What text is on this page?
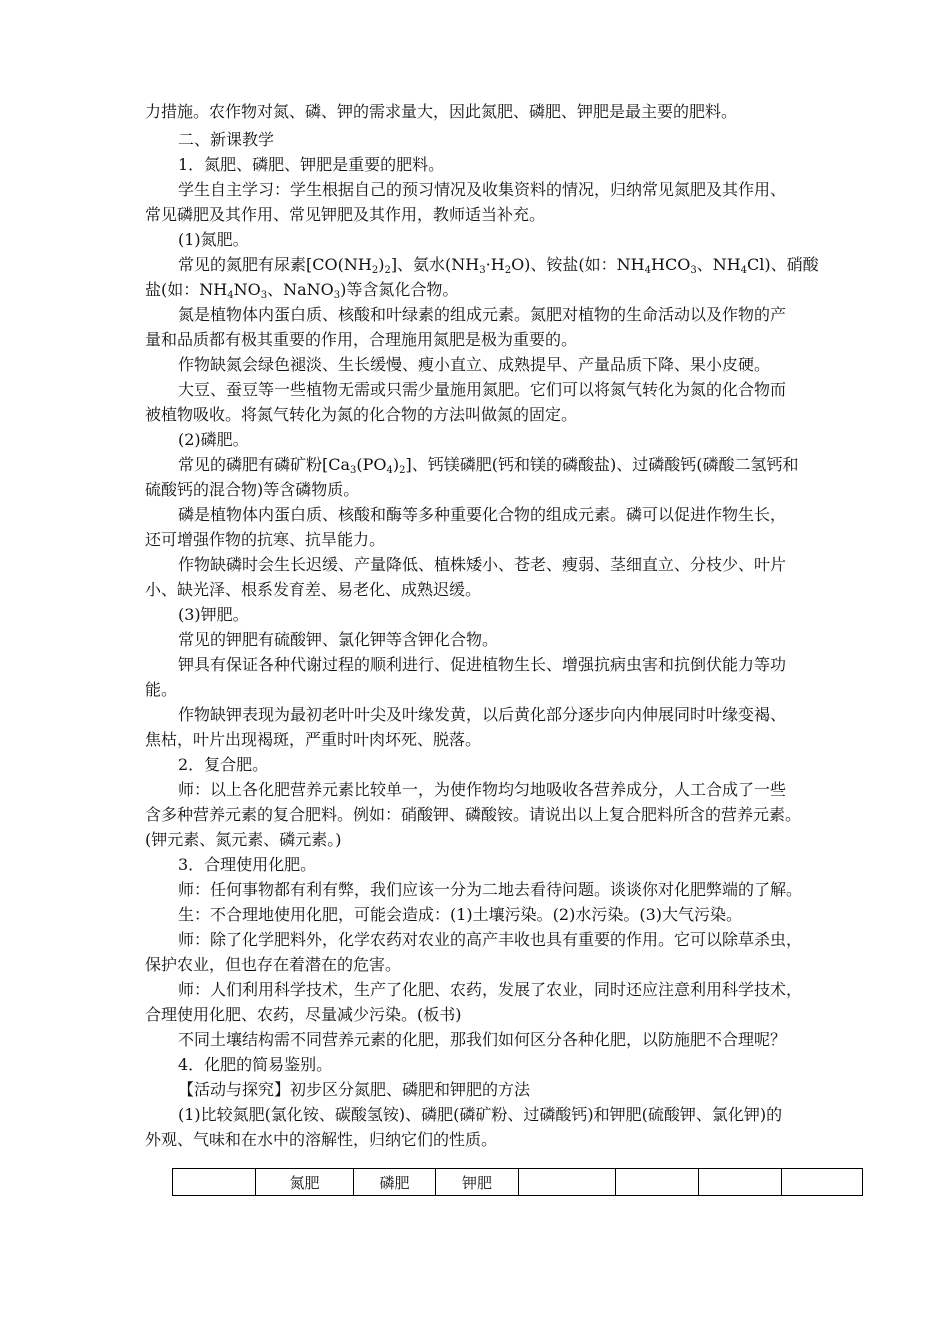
力措施。农作物对氮、磷、钾的需求量大，因此氮肥、磷肥、钾肥是最主要的肥料。
二、新课教学
1．氮肥、磷肥、钾肥是重要的肥料。
学生自主学习：学生根据自己的预习情况及收集资料的情况，归纳常见氮肥及其作用、
常见磷肥及其作用、常见钾肥及其作用，教师适当补充。
(1)氮肥。
常见的氮肥有尿素$[CO(NH_2)_2]$、氨水$(NH_3\cdot H_2O)$、铵盐(如：$NH_4HCO_3$、$NH_4Cl$)、硝酸
盐(如：$NH_4NO_3$、NaNO$_3$)等含氮化合物。
氮是植物体内蛋白质、核酸和叶绿素的组成元素。氮肥对植物的生命活动以及作物的产
量和品质都有极其重要的作用，合理施用氮肥是极为重要的。
作物缺氮会绿色褪淡、生长缓慢、瘦小直立、成熟提早、产量品质下降、果小皮硬。
大豆、蚕豆等一些植物无需或只需少量施用氮肥。它们可以将氮气转化为氮的化合物而
被植物吸收。将氮气转化为氮的化合物的方法叫做氮的固定。
(2)磷肥。
常见的磷肥有磷矿粉$[Ca_3(PO_4)_2]$、钙镁磷肥(钙和镁的磷酸盐)、过磷酸钙(磷酸二氢钙和
硫酸钙的混合物)等含磷物质。
磷是植物体内蛋白质、核酸和酶等多种重要化合物的组成元素。磷可以促进作物生长，
还可增强作物的抗寒、抗旱能力。
作物缺磷时会生长迟缓、产量降低、植株矮小、苍老、瘦弱、茎细直立、分枝少、叶片
小、缺光泽、根系发育差、易老化、成熟迟缓。
(3)钾肥。
常见的钾肥有硫酸钾、氯化钾等含钾化合物。
钾具有保证各种代谢过程的顺利进行、促进植物生长、增强抗病虫害和抗倒伏能力等功
能。
作物缺钾表现为最初老叶叶尖及叶缘发黄，以后黄化部分逐步向内伸展同时叶缘变褐、
焦枯，叶片出现褐斑，严重时叶肉坏死、脱落。
2．复合肥。
师：以上各化肥营养元素比较单一，为使作物均匀地吸收各营养成分，人工合成了一些
含多种营养元素的复合肥料。例如：硝酸钾、磷酸铵。请说出以上复合肥料所含的营养元素。
(钾元素、氮元素、磷元素。)
3．合理使用化肥。
师：任何事物都有利有弊，我们应该一分为二地去看待问题。谈谈你对化肥弊端的了解。
生：不合理地使用化肥，可能会造成：(1)土壤污染。(2)水污染。(3)大气污染。
师：除了化学肥料外，化学农药对农业的高产丰收也具有重要的作用。它可以除草杀虫，
保护农业，但也存在着潜在的危害。
师：人们利用科学技术，生产了化肥、农药，发展了农业，同时还应注意利用科学技术，
合理使用化肥、农药，尽量减少污染。(板书)
不同土壤结构需不同营养元素的化肥，那我们如何区分各种化肥，以防施肥不合理呢？
4．化肥的简易鉴别。
【活动与探究】初步区分氮肥、磷肥和钾肥的方法
(1)比较氮肥(氯化铵、碳酸氢铵)、磷肥(磷矿粉、过磷酸钙)和钾肥(硫酸钾、氯化钾)的
外观、气味和在水中的溶解性，归纳它们的性质。
	氮肥	磷肥	钾肥				
